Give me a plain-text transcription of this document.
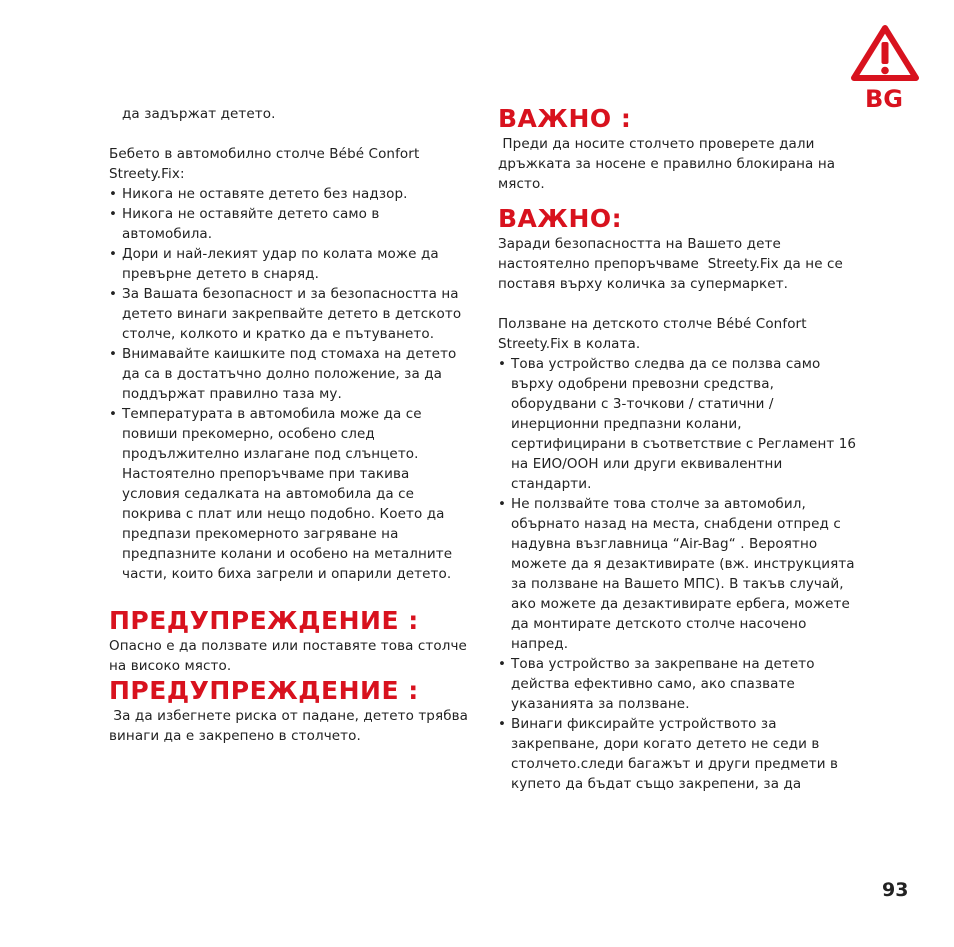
BG

да задържат детето.

Бебето в автомобилно столче Bébé Confort Streety.Fix:

• Никога не оставяте детето без надзор.
• Никога не оставяйте детето само в автомобила.
• Дори и най-лекият удар по колата може да превърне детето в снаряд.
• За Вашата безопасност и за безопасността на детето винаги закрепвайте детето в детското столче, колкото и кратко да е пътуването.
• Внимавайте каишките под стомаха на детето да са в достатъчно долно положение, за да поддържат правилно таза му.
• Температурата в автомобила може да се повиши прекомерно, особено след продължително излагане под слънцето.

Настоятелно препоръчваме при такива условия седалката на автомобила да се покрива с плат или нещо подобно. Което да предпази прекомерното загряване на предпазните колани и особено на металните части, които биха загрели и опарили детето.

ПРЕДУПРЕЖДЕНИЕ :

Опасно е да ползвате или поставяте това столче на високо място.

ПРЕДУПРЕЖДЕНИЕ :

За да избегнете риска от падане, детето трябва винаги да е закрепено в столчето.

ВАЖНО :

Преди да носите столчето проверете дали дръжката за носене е правилно блокирана на място.

ВАЖНО:

Заради безопасността на Вашето дете настоятелно препоръчваме  Streety.Fix да не се поставя върху количка за супермаркет.

Ползване на детското столче Bébé Confort Streety.Fix в колата.

• Това устройство следва да се ползва само върху одобрени превозни средства, оборудвани с 3-точкови / статични / инерционни предпазни колани, сертифицирани в съответствие с Регламент 16 на ЕИО/ООН или други еквивалентни стандарти.
• Не ползвайте това столче за автомобил, обърнато назад на места, снабдени отпред с надувна възглавница “Air-Bag“ . Вероятно можете да я дезактивирате (вж. инструкцията за ползване на Вашето МПС). В такъв случай, ако можете да дезактивирате ербега, можете да монтирате детското столче насочено напред.
• Това устройство за закрепване на детето действа ефективно само, ако спазвате указанията за ползване.
• Винаги фиксирайте устройството за закрепване, дори когато детето не седи в столчето.следи багажът и други предмети в купето да бъдат също закрепени, за да
93
